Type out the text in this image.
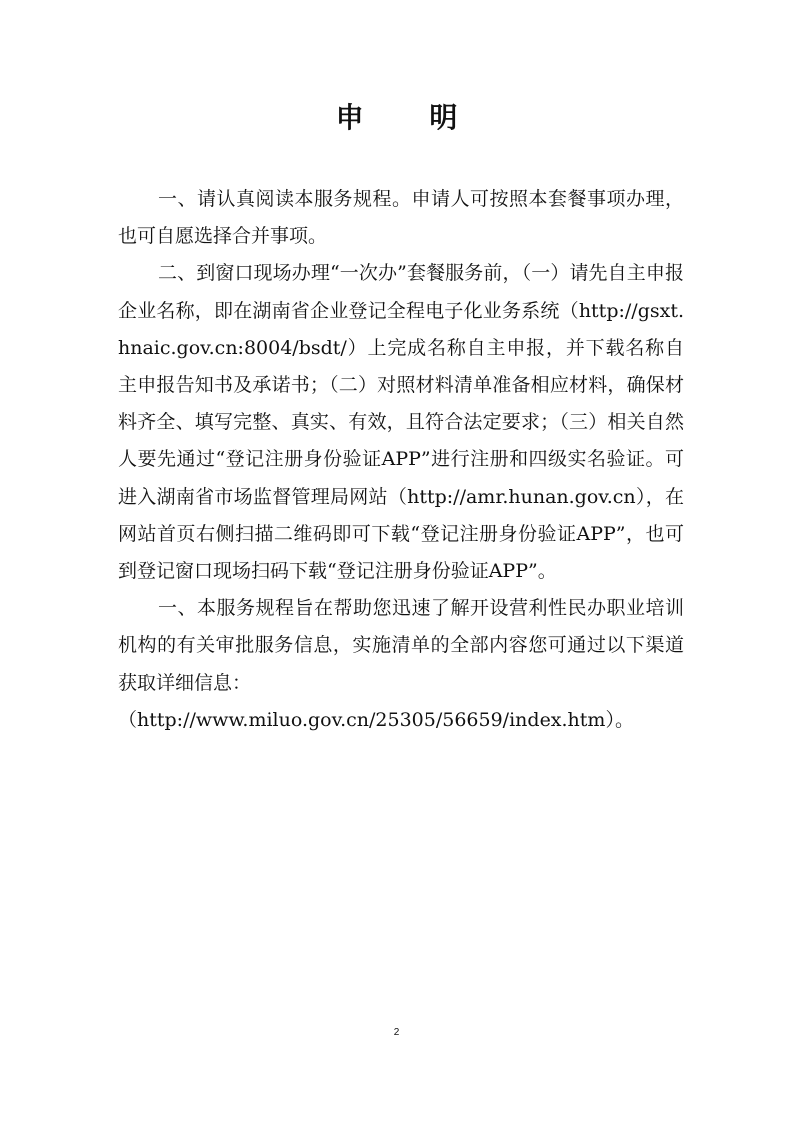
申 明

一、请认真阅读本服务规程。申请人可按照本套餐事项办理，也可自愿选择合并事项。

二、到窗口现场办理“一次办”套餐服务前，（一）请先自主申报企业名称，即在湖南省企业登记全程电子化业务系统（http://gsxt.hnaic.gov.cn:8004/bsdt/）上完成名称自主申报，并下载名称自主申报告知书及承诺书；（二）对照材料清单准备相应材料，确保材料齐全、填写完整、真实、有效，且符合法定要求；（三）相关自然人要先通过“登记注册身份验证APP”进行注册和四级实名验证。可进入湖南省市场监督管理局网站（http://amr.hunan.gov.cn），在网站首页右侧扫描二维码即可下载“登记注册身份验证APP”，也可到登记窗口现场扫码下载“登记注册身份验证APP”。

一、本服务规程旨在帮助您迅速了解开设营利性民办职业培训机构的有关审批服务信息，实施清单的全部内容您可通过以下渠道获取详细信息：

（http://www.miluo.gov.cn/25305/56659/index.htm）。

2
